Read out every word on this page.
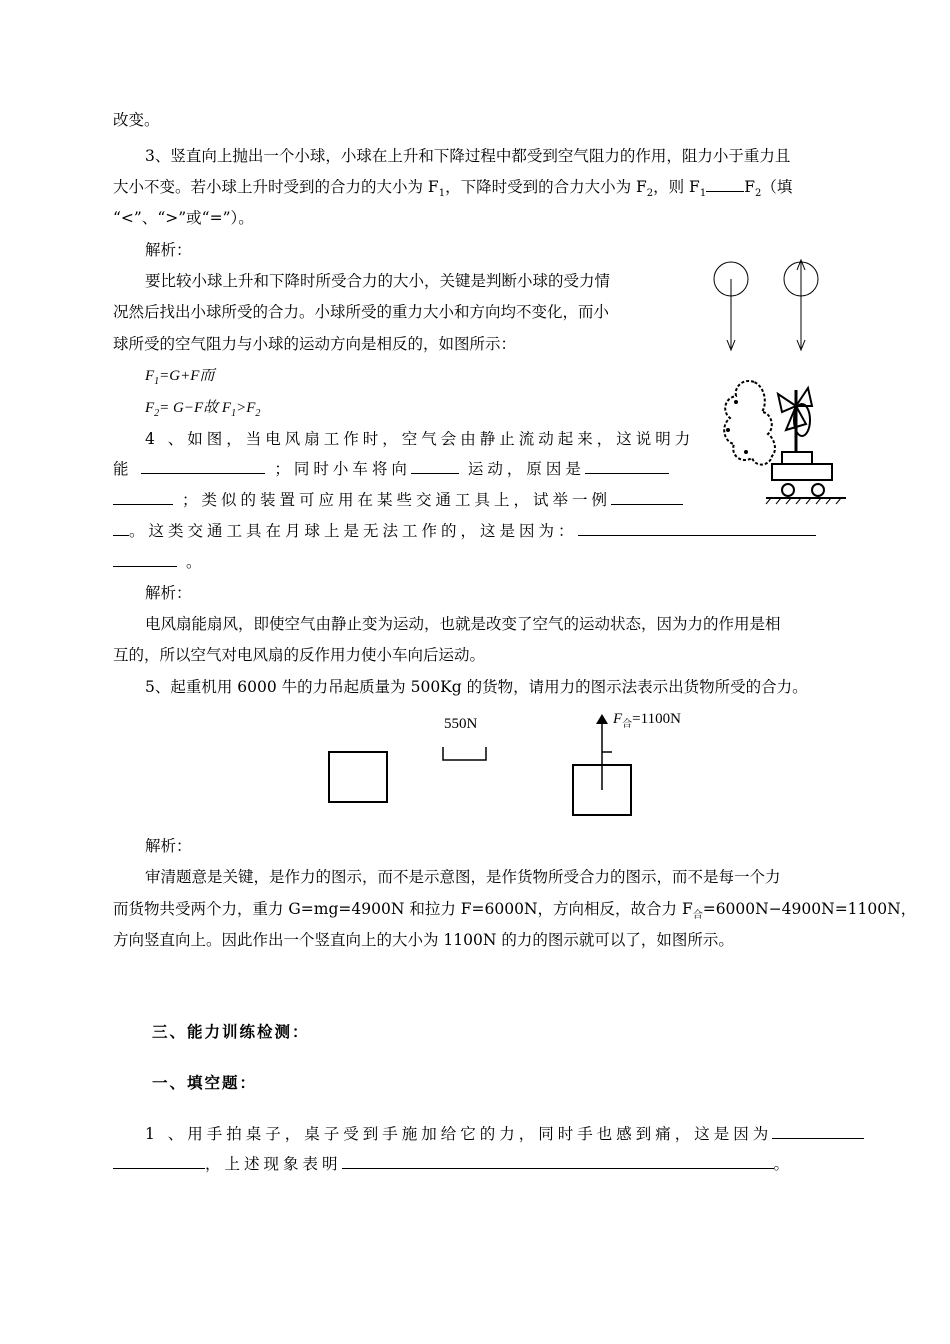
改变。
3、竖直向上抛出一个小球，小球在上升和下降过程中都受到空气阻力的作用，阻力小于重力且
大小不变。若小球上升时受到的合力的大小为 $F_1$，下降时受到的合力大小为 $F_2$，则 $F_1$ $F_2$（填
“<”、“>”或“=”）。
解析：
要比较小球上升和下降时所受合力的大小，关键是判断小球的受力情
况然后找出小球所受的合力。小球所受的重力大小和方向均不变化，而小
球所受的空气阻力与小球的运动方向是相反的，如图所示：
$F_1=G+F$而
$F_2= G-F$故 $F_1>F_2$
4 、如图，当电风扇工作时，空气会由静止流动起来，这说明力
能	；同时小车将向	运动，原因是
；类似的装置可应用在某些交通工具上，试举一例
。这类交通工具在月球上是无法工作的，这是因为：
。
解析：
电风扇能扇风，即使空气由静止变为运动，也就是改变了空气的运动状态，因为力的作用是相
互的，所以空气对电风扇的反作用力使小车向后运动。
5、起重机用 6000 牛的力吊起质量为 500Kg 的货物，请用力的图示法表示出货物所受的合力。
550N	$F_合=1100N$
解析：
审清题意是关键，是作力的图示，而不是示意图，是作货物所受合力的图示，而不是每一个力
而货物共受两个力，重力 G=mg=4900N 和拉力 F=6000N，方向相反，故合力 $F_合=6000N-4900N=1100N$，
方向竖直向上。因此作出一个竖直向上的大小为 1100N 的力的图示就可以了，如图所示。
三、能力训练检测：
一、填空题：
1 、用手拍桌子，桌子受到手施加给它的力，同时手也感到痛，这是因为
，上述现象表明	。
